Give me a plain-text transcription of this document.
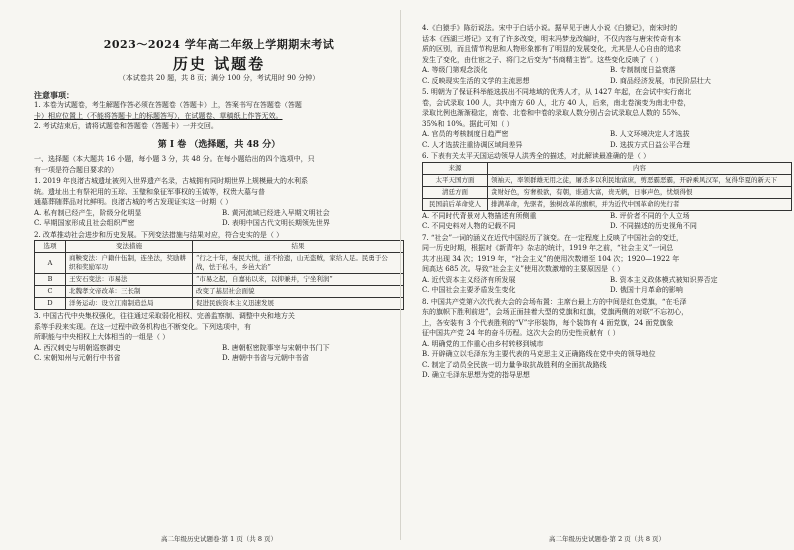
2023～2024 学年高二年级上学期期末考试
历史 试题卷
（本试卷共 20 题，共 8 页；满分 100 分，考试用时 90 分钟）
注意事项：

1. 本卷为试题卷，考生解题作答必须在答题卷（答题卡）上，答案书写在答题卷（答题

卡）相应位置上（不能将答题卡上的标题答写），在试题卷、草稿纸上作答无效。

2. 考试结束后，请将试题卷和答题卷（答题卡）一并交回。

第 I 卷 （选择题，共 48 分）

一、选择题（本大题共 16 小题，每小题 3 分，共 48 分。在每小题给出的四个选项中，只

有一项是符合题目要求的）

1. 2019 年良渚古城遗址被列入世界遗产名录，古城拥有同时期世界上规模最大的水利系

统。遗址出土有祭祀用的玉琮、玉璧和象征军事权的玉钺等，权贵大墓与普

通墓葬随葬品对比鲜明。良渚古城的考古发现证实这一时期（ ）

A. 私有制已经产生，阶级分化明显	B. 黄河流域已经进入早期文明社会
C. 早期国家形成且社会组织严密	D. 表明中国古代文明长期领先世界

2. 改革推动社会进步和历史发展。下列变法措施与结果对应，符合史实的是（ ）

选项	变法措施	结果
A	商鞅变法：户籍什伍制，连坐法，奖励耕织和奖励军功	“行之十年，秦民大悦，道不拾遗，山无盗贼，家给人足。民勇于公战，怯于私斗，乡邑大治”
B	王安石变法：市易法	“市易之起，自嘉祐以来，以抑兼并，宁坐利润”
C	北魏孝文帝改革：三长制	改变了基层社会面貌
D	洋务运动：设立江南制造总局	促进民族资本主义迅速发展

3. 中国古代中央集权强化，往往通过采取弱化相权、完善监察制、调整中央和地方关

系等手段来实现。在这一过程中政务机构也不断变化。下列选项中，有

所职能与中央相权上大体相当的一组是（ ）

A. 西汉刺史与明朝巡察御史	B. 唐朝枢密院事宰与宋朝中书门下
C. 宋朝知州与元朝行中书省	D. 唐朝中书省与元朝中书省
高二年级历史试题卷·第 1 页（共 8 页）

4.《白猿手》陈衍说法。宋中于白话小说。据早见于唐人小说《白猿记》，南宋时的

话本《西湖三塔记》又有了许多改变，明末冯梦龙改编时，不仅内容与唐宋传奇有本

质的区别，而且情节构思和人物形象都有了明显的发展变化，尤其是人心自由的追求

发生了变化，由仕宦之子、将门之后变为“书商精主皆”。这些变化反映了（ ）

A. 等级门第观念淡化	B. 专制制度日益衰落
C. 反映现实生活的文学的主流思想	D. 商品经济发展，市民阶层壮大

5. 明朝为了保证科举能选拔出不同地域的优秀人才，从 1427 年起，在会试中实行南北

卷，会试录取 100 人，共中南方 60 人，北方 40 人，后来，南北卷演变为南北中卷，

录取比例也渐渐稳定，南卷、北卷和中卷的录取人数分别占会试录取总人数的 55%、

35%和 10%。据此可知（ ）

A. 官员的考核制度日趋严密	B. 人文环境决定人才选拔
C. 人才选拔注重协调区域间差异	D. 选拔方式日益公平合理

6. 下表有关太平天国运动领导人洪秀全的描述，对此解读最准确的是（ ）

来源	内容
太平天国方面	领袖天，率领群雄无用之徒，屠杀多以利民地富庶，剪恶霸恶霸，开辟乘风汉军，复得华夏的新天下
清廷方面	贪财好色，穷奢极欲，有朝，谁道大富，贵无帆，日事声色，忧烦得恨
民国前后革命党人	排满革命，先驱者，独树改革的旗帜，并为近代中国革命的先行者
A. 不同时代背景对人物描述有所侧重	B. 评价者不同的个人立场
C. 不同史料对人物的记载不同	D. 不同描述的历史视角不同

7. “社会”一词的涵义在近代中国经历了演变。在一定程度上反映了中国社会的变迁，

同一历史时期，根据对《新青年》杂志的统计，1919 年之前，“社会主义”一词总

共才出现 34 次；1919 年，“社会主义”的使用次数增至 104 次；1920—1922 年

间高达 685 次。导致“社会主义”使用次数激增的主要原因是（ ）

A. 近代资本主义经济有所发展	B. 资本主义政体模式被知识界否定
C. 中国社会主要矛盾发生变化	D. 俄国十月革命的影响

8. 中国共产党第六次代表大会的会场布置：主席台最上方的中间是红色党旗，“在毛泽

东的旗帜下胜利前进”，会场正面挂着大型的党旗和红旗，党旗两侧的对联“不忘初心，

上，各安装有 3 个代表胜利的“V”字形装饰，每个装饰有 4 面党旗，24 面党旗象

征中国共产党 24 年的奋斗历程。这次大会的历史性贡献有（ ）

A. 明确党的工作重心由乡村转移到城市

B. 开辟确立以毛泽东为主要代表的马克思主义正确路线在党中央的领导地位

C. 制定了动员全民族一切力量争取抗战胜利的全面抗战路线

D. 确立毛泽东思想为党的指导思想

高二年级历史试题卷·第 2 页（共 8 页）
